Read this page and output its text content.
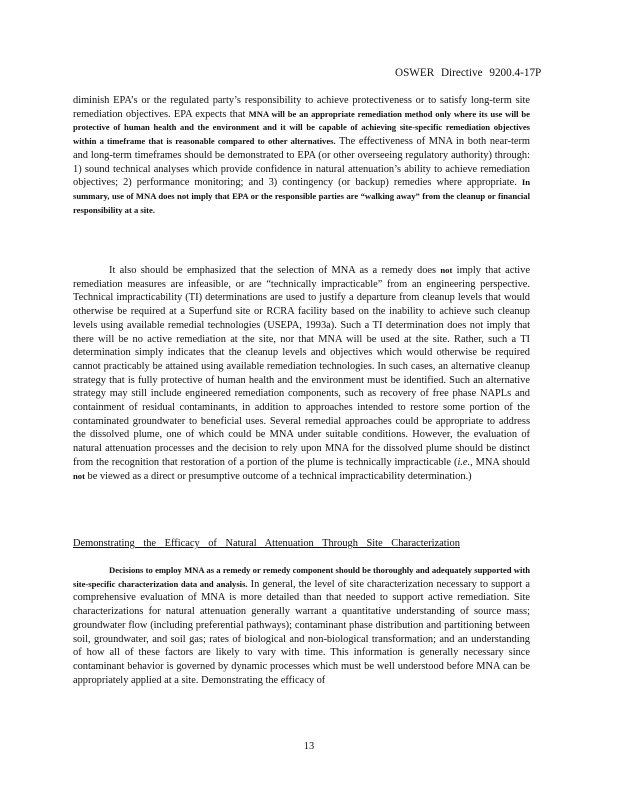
OSWER Directive 9200.4-17P
diminish EPA’s or the regulated party’s responsibility to achieve protectiveness or to satisfy long-term site remediation objectives. EPA expects that MNA will be an appropriate remediation method only where its use will be protective of human health and the environment and it will be capable of achieving site-specific remediation objectives within a timeframe that is reasonable compared to other alternatives. The effectiveness of MNA in both near-term and long-term timeframes should be demonstrated to EPA (or other overseeing regulatory authority) through: 1) sound technical analyses which provide confidence in natural attenuation’s ability to achieve remediation objectives; 2) performance monitoring; and 3) contingency (or backup) remedies where appropriate. In summary, use of MNA does not imply that EPA or the responsible parties are “walking away” from the cleanup or financial responsibility at a site.
It also should be emphasized that the selection of MNA as a remedy does not imply that active remediation measures are infeasible, or are “technically impracticable” from an engineering perspective. Technical impracticability (TI) determinations are used to justify a departure from cleanup levels that would otherwise be required at a Superfund site or RCRA facility based on the inability to achieve such cleanup levels using available remedial technologies (USEPA, 1993a). Such a TI determination does not imply that there will be no active remediation at the site, nor that MNA will be used at the site. Rather, such a TI determination simply indicates that the cleanup levels and objectives which would otherwise be required cannot practicably be attained using available remediation technologies. In such cases, an alternative cleanup strategy that is fully protective of human health and the environment must be identified. Such an alternative strategy may still include engineered remediation components, such as recovery of free phase NAPLs and containment of residual contaminants, in addition to approaches intended to restore some portion of the contaminated groundwater to beneficial uses. Several remedial approaches could be appropriate to address the dissolved plume, one of which could be MNA under suitable conditions. However, the evaluation of natural attenuation processes and the decision to rely upon MNA for the dissolved plume should be distinct from the recognition that restoration of a portion of the plume is technically impracticable (i.e., MNA should not be viewed as a direct or presumptive outcome of a technical impracticability determination.)
Demonstrating the Efficacy of Natural Attenuation Through Site Characterization
Decisions to employ MNA as a remedy or remedy component should be thoroughly and adequately supported with site-specific characterization data and analysis. In general, the level of site characterization necessary to support a comprehensive evaluation of MNA is more detailed than that needed to support active remediation. Site characterizations for natural attenuation generally warrant a quantitative understanding of source mass; groundwater flow (including preferential pathways); contaminant phase distribution and partitioning between soil, groundwater, and soil gas; rates of biological and non-biological transformation; and an understanding of how all of these factors are likely to vary with time. This information is generally necessary since contaminant behavior is governed by dynamic processes which must be well understood before MNA can be appropriately applied at a site. Demonstrating the efficacy of
13
